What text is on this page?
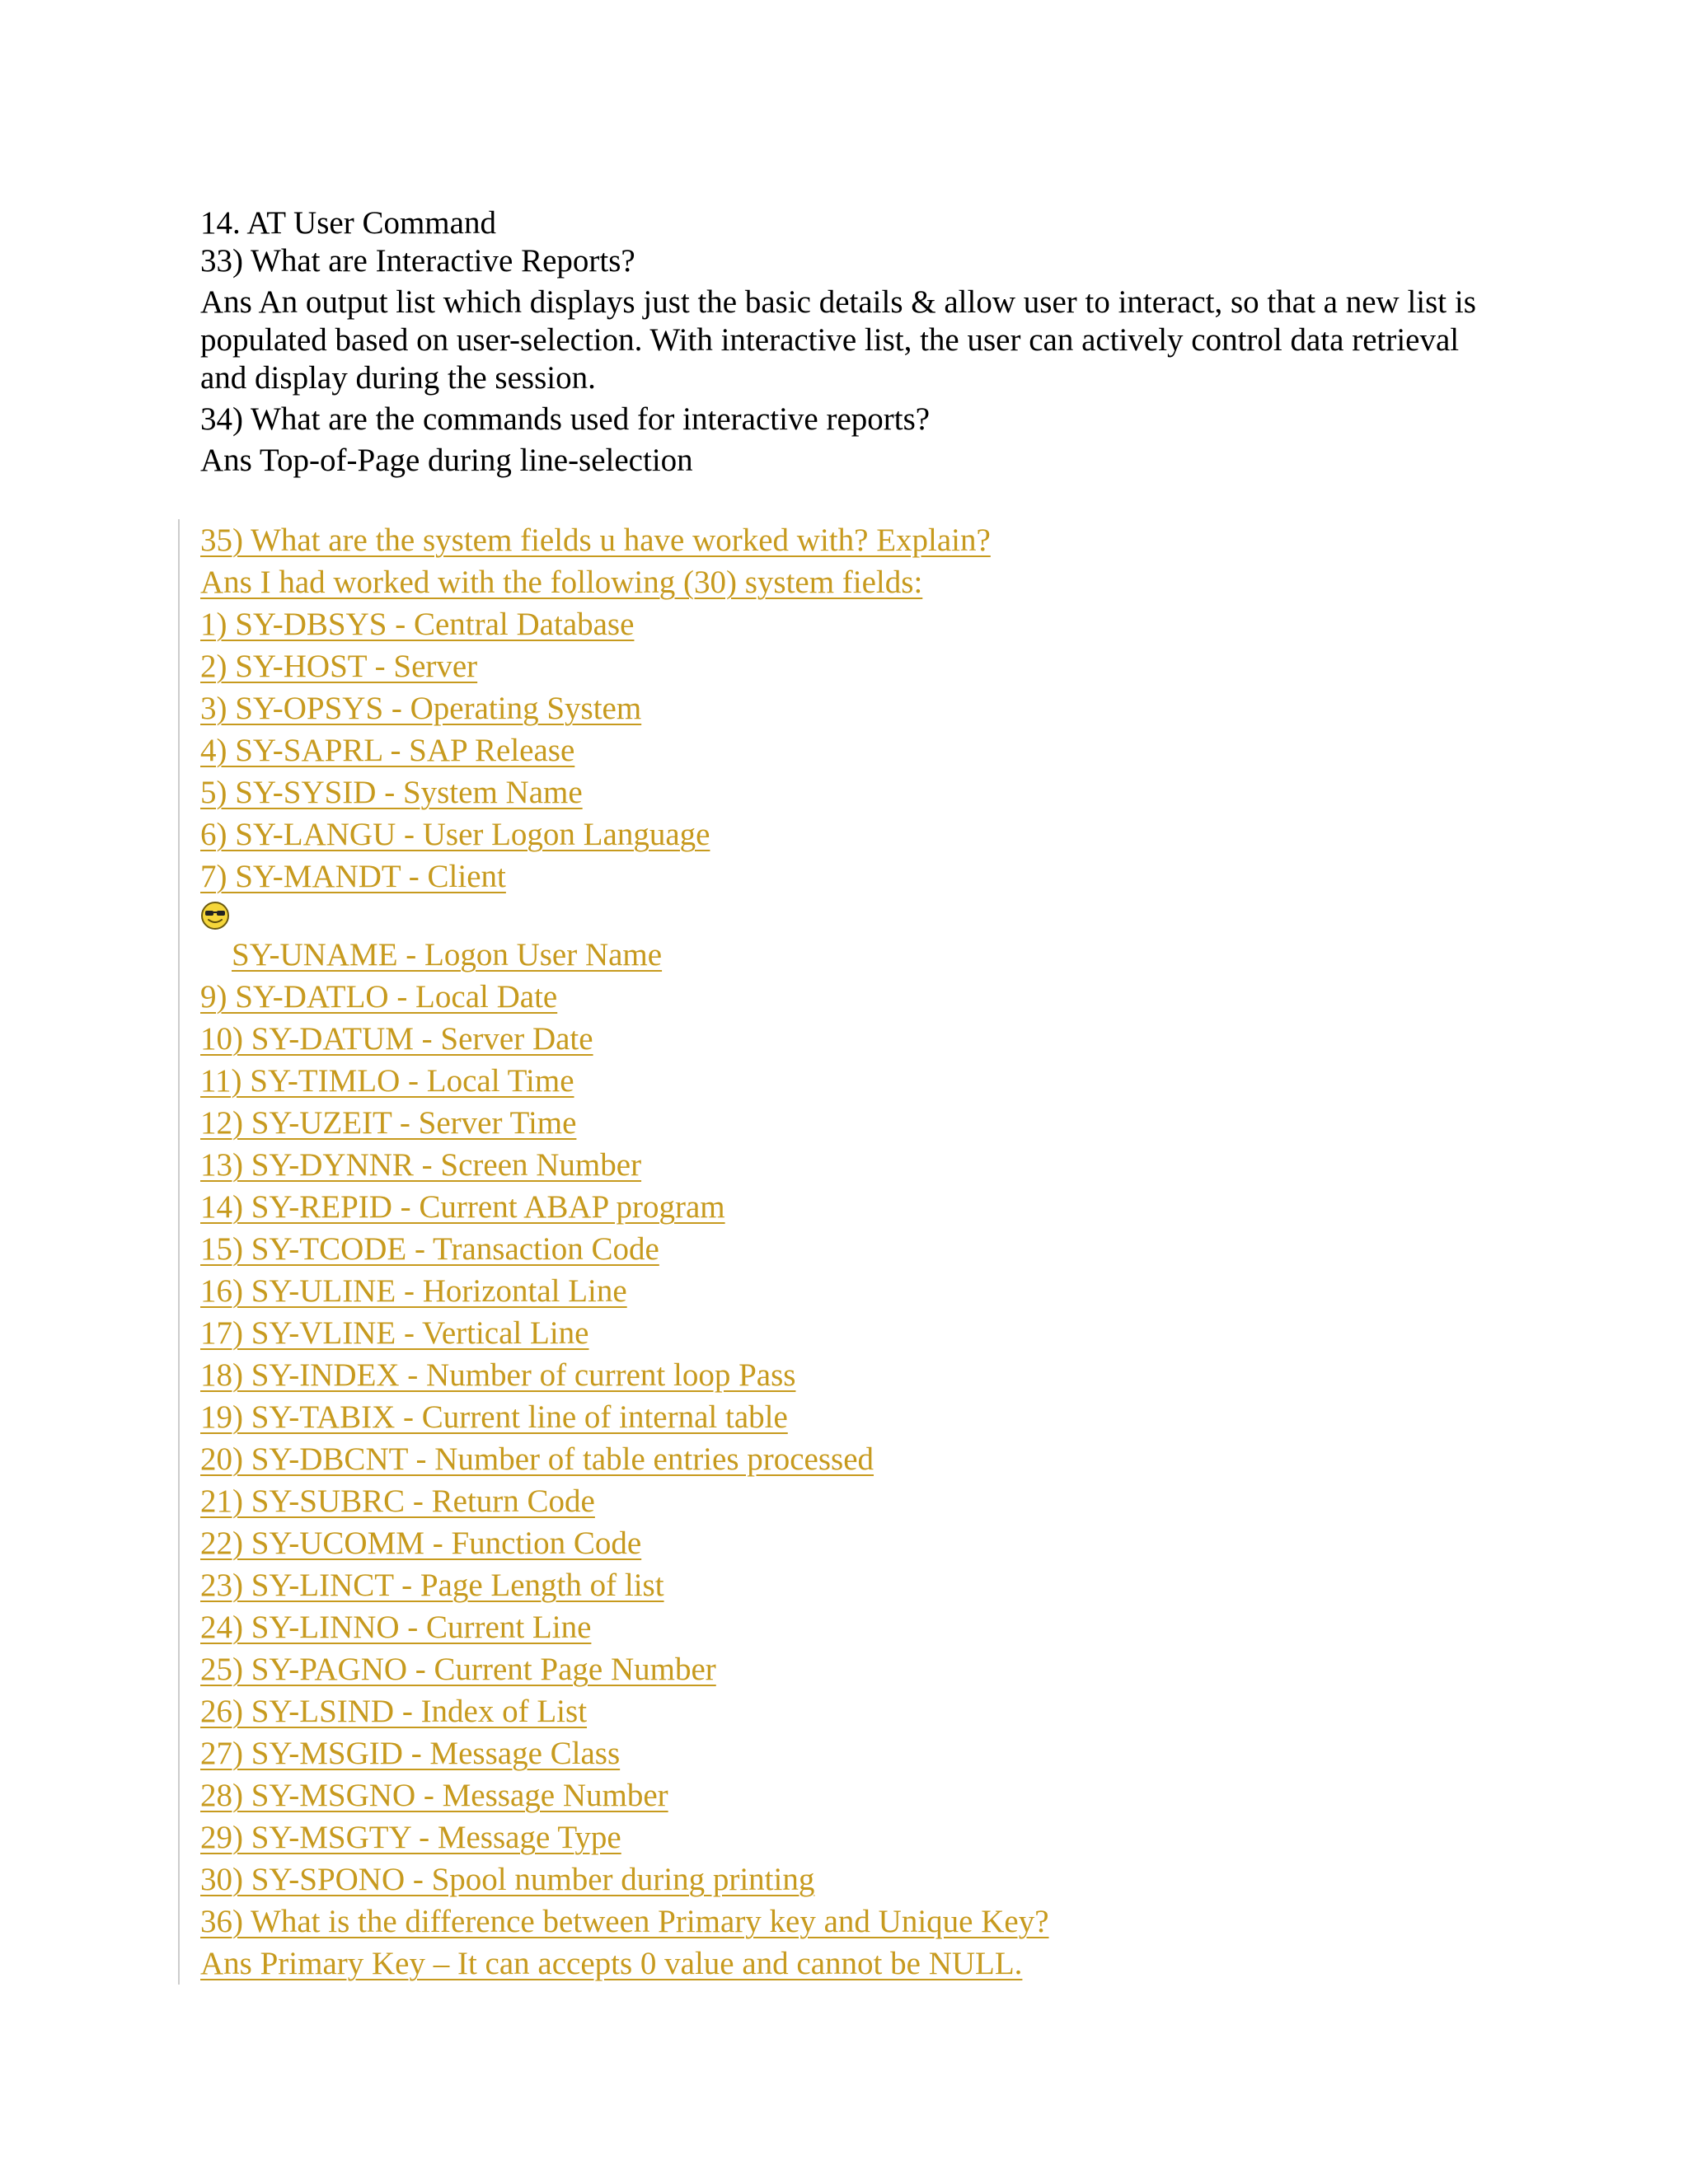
14. AT User Command

33) What are Interactive Reports?

Ans An output list which displays just the basic details & allow user to interact, so that a new list is populated based on user-selection. With interactive list, the user can actively control data retrieval and display during the session.

34) What are the commands used for interactive reports?

Ans Top-of-Page during line-selection

35) What are the system fields u have worked with? Explain?
Ans I had worked with the following (30) system fields:
1) SY-DBSYS - Central Database
2) SY-HOST - Server
3) SY-OPSYS - Operating System
4) SY-SAPRL - SAP Release
5) SY-SYSID - System Name
6) SY-LANGU - User Logon Language
7) SY-MANDT - Client
SY-UNAME - Logon User Name
9) SY-DATLO - Local Date
10) SY-DATUM - Server Date
11) SY-TIMLO - Local Time
12) SY-UZEIT - Server Time
13) SY-DYNNR - Screen Number
14) SY-REPID - Current ABAP program
15) SY-TCODE - Transaction Code
16) SY-ULINE - Horizontal Line
17) SY-VLINE - Vertical Line
18) SY-INDEX - Number of current loop Pass
19) SY-TABIX - Current line of internal table
20) SY-DBCNT - Number of table entries processed
21) SY-SUBRC - Return Code
22) SY-UCOMM - Function Code
23) SY-LINCT - Page Length of list
24) SY-LINNO - Current Line
25) SY-PAGNO - Current Page Number
26) SY-LSIND - Index of List
27) SY-MSGID - Message Class
28) SY-MSGNO - Message Number
29) SY-MSGTY - Message Type
30) SY-SPONO - Spool number during printing
36) What is the difference between Primary key and Unique Key?
Ans Primary Key – It can accepts 0 value and cannot be NULL.
